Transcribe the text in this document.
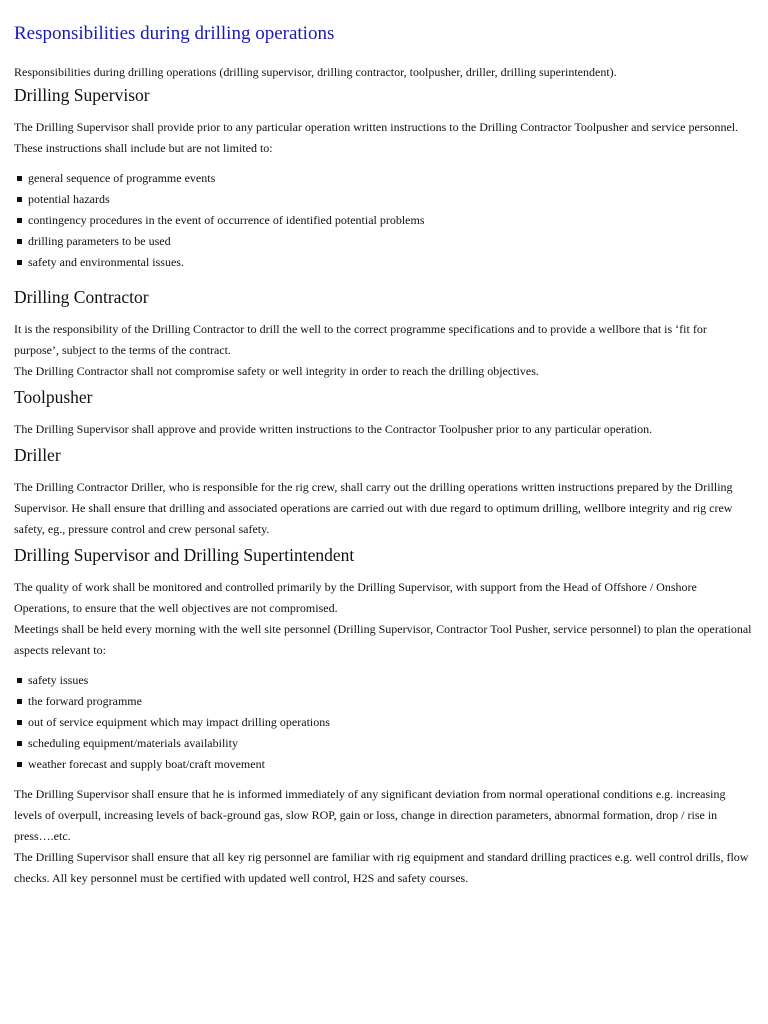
Responsibilities during drilling operations

Responsibilities during drilling operations (drilling supervisor, drilling contractor, toolpusher, driller, drilling superintendent).

Drilling Supervisor

The Drilling Supervisor shall provide prior to any particular operation written instructions to the Drilling Contractor Toolpusher and service personnel. These instructions shall include but are not limited to:

general sequence of programme events
potential hazards
contingency procedures in the event of occurrence of identified potential problems
drilling parameters to be used
safety and environmental issues.
Drilling Contractor

It is the responsibility of the Drilling Contractor to drill the well to the correct programme specifications and to provide a wellbore that is ‘fit for purpose’, subject to the terms of the contract.

The Drilling Contractor shall not compromise safety or well integrity in order to reach the drilling objectives.

Toolpusher

The Drilling Supervisor shall approve and provide written instructions to the Contractor Toolpusher prior to any particular operation.

Driller

The Drilling Contractor Driller, who is responsible for the rig crew, shall carry out the drilling operations written instructions prepared by the Drilling Supervisor. He shall ensure that drilling and associated operations are carried out with due regard to optimum drilling, wellbore integrity and rig crew safety, eg., pressure control and crew personal safety.

Drilling Supervisor and Drilling Supertintendent

The quality of work shall be monitored and controlled primarily by the Drilling Supervisor, with support from the Head of Offshore / Onshore Operations, to ensure that the well objectives are not compromised.

Meetings shall be held every morning with the well site personnel (Drilling Supervisor, Contractor Tool Pusher, service personnel) to plan the operational aspects relevant to:

safety issues
the forward programme
out of service equipment which may impact drilling operations
scheduling equipment/materials availability
weather forecast and supply boat/craft movement

The Drilling Supervisor shall ensure that he is informed immediately of any significant deviation from normal operational conditions e.g. increasing levels of overpull, increasing levels of back-ground gas, slow ROP, gain or loss, change in direction parameters, abnormal formation, drop / rise in press….etc.

The Drilling Supervisor shall ensure that all key rig personnel are familiar with rig equipment and standard drilling practices e.g. well control drills, flow checks. All key personnel must be certified with updated well control, H2S and safety courses.
